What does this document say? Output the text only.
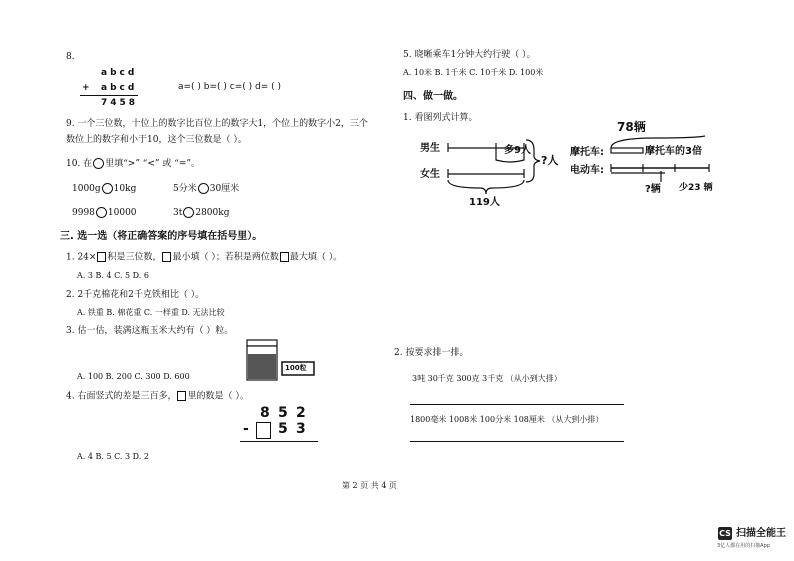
8.
abcd
+ abcd
7458
a=( ) b=( ) c=( ) d= ( )
9. 一个三位数，十位上的数字比百位上的数字大1，个位上的数字小2，三个
数位上的数字和小于10，这个三位数是（ ）。
10. 在 里填“>” “<” 或 “=”。
1000g 10kg	5分米 30厘米
9998 10000	3t 2800kg
三. 选一选（将正确答案的序号填在括号里）。
1. 24× 积是三位数， 最小填（ ）；若积是两位数 最大填（ ）。
A. 3 B. 4 C. 5 D. 6
2. 2千克棉花和2千克铁相比（ ）。
A. 铁重 B. 棉花重 C. 一样重 D. 无法比较
3. 估一估，装满这瓶玉米大约有（ ）粒。
100粒
A. 100 B. 200 C. 300 D. 600
4. 右面竖式的差是三百多， 里的数是（ ）。
8 5 2
- 5 3
A. 4 B. 5 C. 3 D. 2
第 2 页 共 4 页
5. 晓晰乘车1分钟大约行驶（ ）。
A. 10米 B. 1千米 C. 10千米 D. 100米
四、做一做。
1. 看图列式计算。
男生
女生
多9人
?人
119人
78辆
摩托车:	摩托车的3倍
电动车:
?辆 少23 辆
2. 按要求排一排。
3吨 30千克 300克 3千克 （从小到大排）
1800毫米 1008米 100分米 108厘米 （从大到小排）
CS 扫描全能王
3亿人都在用的扫描App
